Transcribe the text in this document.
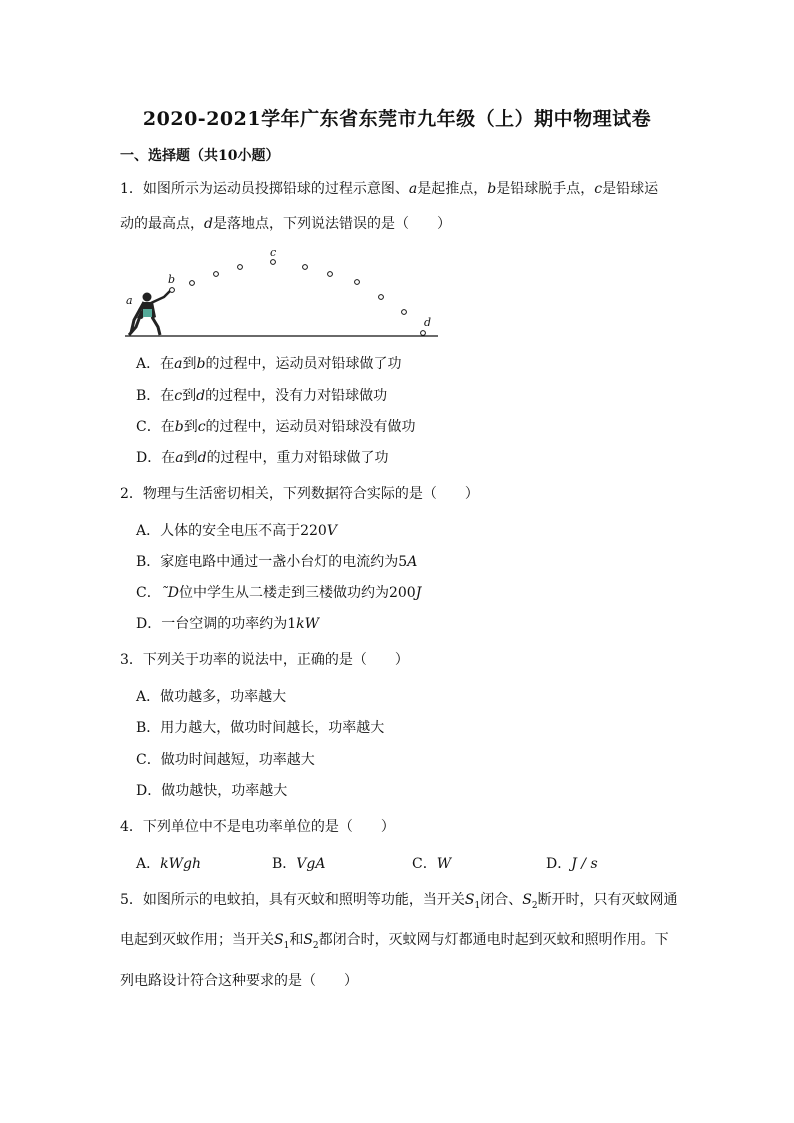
2020-2021学年广东省东莞市九年级（上）期中物理试卷
一、选择题（共10小题）
1．如图所示为运动员投掷铅球的过程示意图、a是起推点，b是铅球脱手点，c是铅球运
动的最高点，d是落地点，下列说法错误的是（　　）
a
b
c
d
A．在a到b的过程中，运动员对铅球做了功
B．在c到d的过程中，没有力对铅球做功
C．在b到c的过程中，运动员对铅球没有做功
D．在a到d的过程中，重力对铅球做了功
2．物理与生活密切相关，下列数据符合实际的是（　　）
A．人体的安全电压不高于220V
B．家庭电路中通过一盏小台灯的电流约为5A
C．˜D位中学生从二楼走到三楼做功约为200J
D．一台空调的功率约为1kW
3．下列关于功率的说法中，正确的是（　　）
A．做功越多，功率越大
B．用力越大，做功时间越长，功率越大
C．做功时间越短，功率越大
D．做功越快，功率越大
4．下列单位中不是电功率单位的是（　　）
A．kWgh	B．VgA	C．W	D．J / s
5．如图所示的电蚊拍，具有灭蚊和照明等功能，当开关$S_1$闭合、$S_2$断开时，只有灭蚊网通
电起到灭蚊作用；当开关$S_1$和$S_2$都闭合时，灭蚊网与灯都通电时起到灭蚊和照明作用。下
列电路设计符合这种要求的是（　　）
